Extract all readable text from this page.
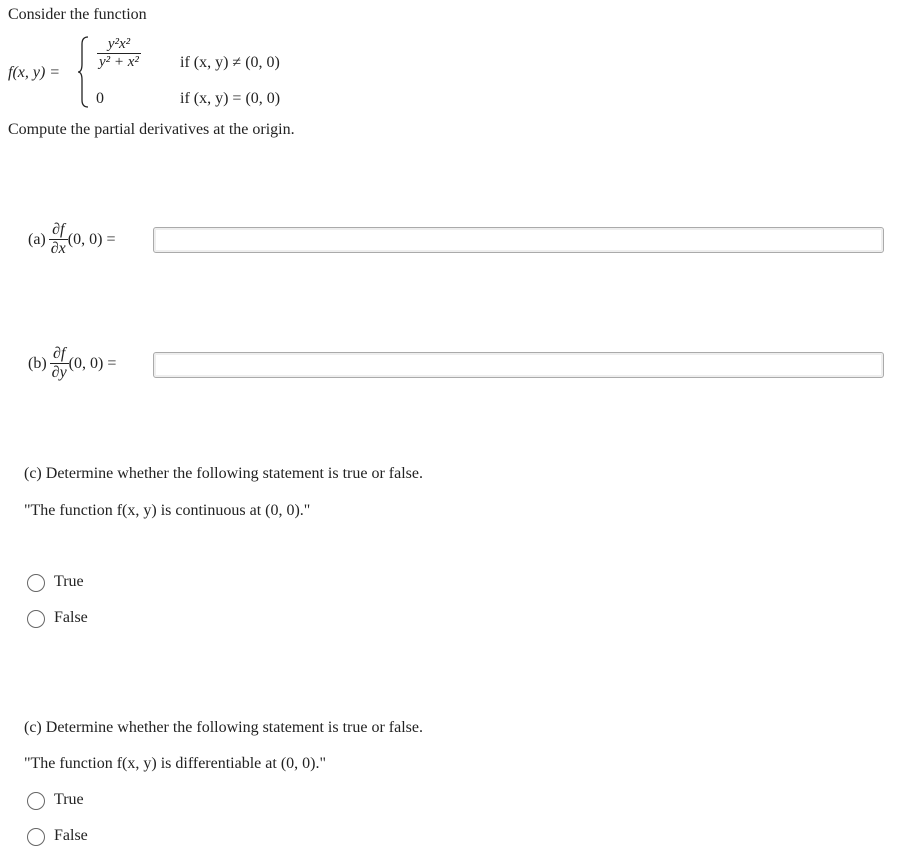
Consider the function
f(x, y) =
$\frac{\text{y²x²}}{\text{y² + x²}}$ if (x, y) ≠ (0, 0)
0	if (x, y) = (0, 0)
Compute the partial derivatives at the origin.
$(a) \frac{\partial f}{\partial x} (0$, 0) =
$(b) \frac{\partial f}{\partial y} (0$, 0) =
(c) Determine whether the following statement is true or false.
"The function f(x, y) is continuous at (0, 0)."
True
False
(c) Determine whether the following statement is true or false.
"The function f(x, y) is differentiable at (0, 0)."
True
False
